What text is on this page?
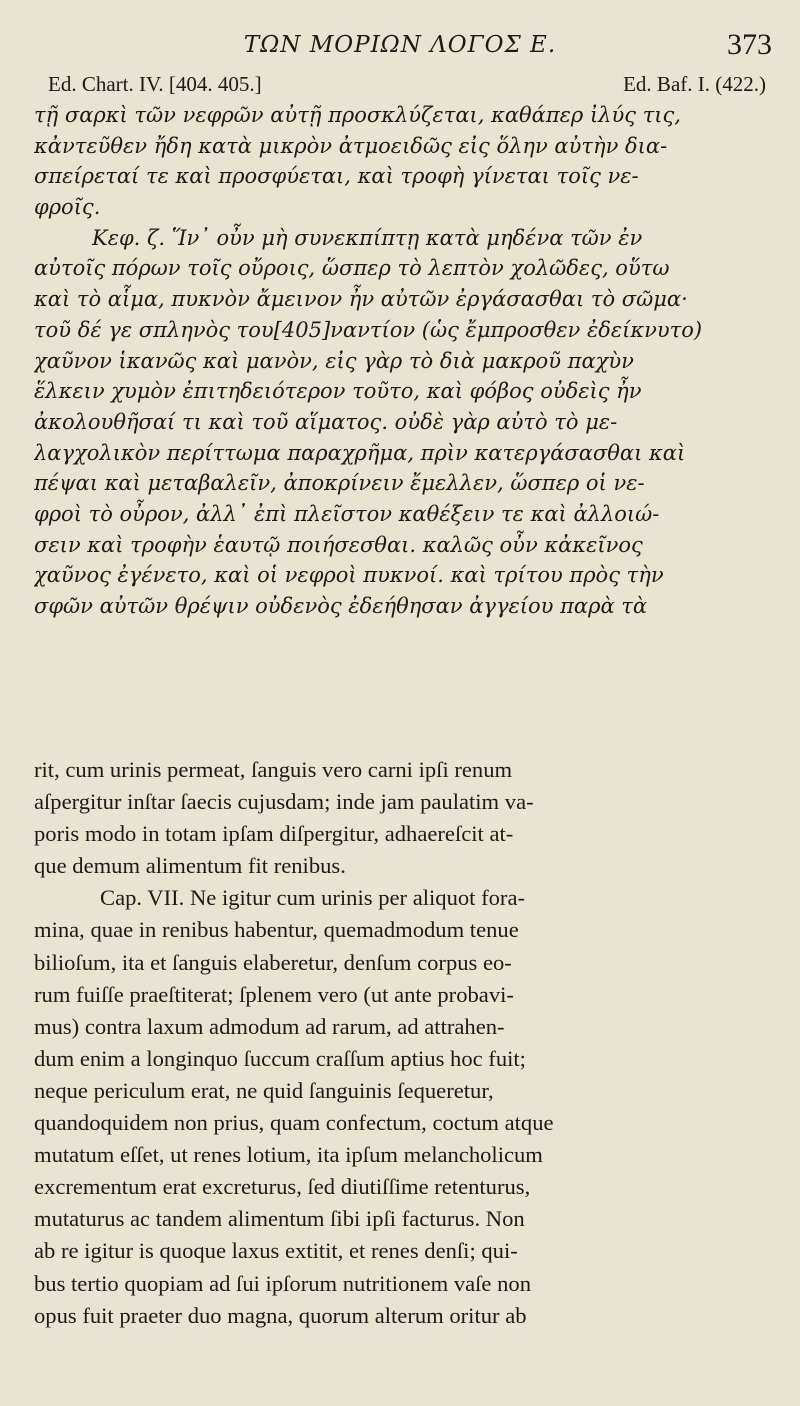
ΤΩΝ ΜΟΡΙΩΝ ΛΟΓΟΣ Ε.	373
Ed. Chart. IV. [404. 405.]	Ed. Baf. I. (422.)
τῇ σαρκὶ τῶν νεφρῶν αὐτῇ προσκλύζεται, καθάπερ ἰλύς τις,
κἀντεῦθεν ἤδη κατὰ μικρὸν ἀτμοειδῶς εἰς ὅλην αὐτὴν δια-
σπείρεταί τε καὶ προσφύεται, καὶ τροφὴ γίνεται τοῖς νε-
φροῖς.
Κεφ. ζ. Ἵν᾽ οὖν μὴ συνεκπίπτῃ κατὰ μηδένα τῶν ἐν
αὐτοῖς πόρων τοῖς οὔροις, ὥσπερ τὸ λεπτὸν χολῶδες, οὕτω
καὶ τὸ αἷμα, πυκνὸν ἄμεινον ἦν αὐτῶν ἐργάσασθαι τὸ σῶμα·
τοῦ δέ γε σπληνὸς του[405]ναντίον (ὡς ἔμπροσθεν ἐδείκνυτο)
χαῦνον ἱκανῶς καὶ μανὸν, εἰς γὰρ τὸ διὰ μακροῦ παχὺν
ἕλκειν χυμὸν ἐπιτηδειότερον τοῦτο, καὶ φόβος οὐδεὶς ἦν
ἀκολουθῆσαί τι καὶ τοῦ αἵματος. οὐδὲ γὰρ αὐτὸ τὸ με-
λαγχολικὸν περίττωμα παραχρῆμα, πρὶν κατεργάσασθαι καὶ
πέψαι καὶ μεταβαλεῖν, ἀποκρίνειν ἔμελλεν, ὥσπερ οἱ νε-
φροὶ τὸ οὖρον, ἀλλ᾽ ἐπὶ πλεῖστον καθέξειν τε καὶ ἀλλοιώ-
σειν καὶ τροφὴν ἑαυτῷ ποιήσεσθαι. καλῶς οὖν κἀκεῖνος
χαῦνος ἐγένετο, καὶ οἱ νεφροὶ πυκνοί. καὶ τρίτου πρὸς τὴν
σφῶν αὐτῶν θρέψιν οὐδενὸς ἐδεήθησαν ἀγγείου παρὰ τὰ
rit, cum urinis permeat, ſanguis vero carni ipſi renum
aſpergitur inſtar ſaecis cujusdam; inde jam paulatim va-
poris modo in totam ipſam diſpergitur, adhaereſcit at-
que demum alimentum fit renibus.
Cap. VII. Ne igitur cum urinis per aliquot fora-
mina, quae in renibus habentur, quemadmodum tenue
bilioſum, ita et ſanguis elaberetur, denſum corpus eo-
rum fuiſſe praeſtiterat; ſplenem vero (ut ante probavi-
mus) contra laxum admodum ad rarum, ad attrahen-
dum enim a longinquo ſuccum craſſum aptius hoc fuit;
neque periculum erat, ne quid ſanguinis ſequeretur,
quandoquidem non prius, quam confectum, coctum atque
mutatum eſſet, ut renes lotium, ita ipſum melancholicum
excrementum erat excreturus, ſed diutiſſime retenturus,
mutaturus ac tandem alimentum ſibi ipſi facturus. Non
ab re igitur is quoque laxus extitit, et renes denſi; qui-
bus tertio quopiam ad ſui ipſorum nutritionem vaſe non
opus fuit praeter duo magna, quorum alterum oritur ab
